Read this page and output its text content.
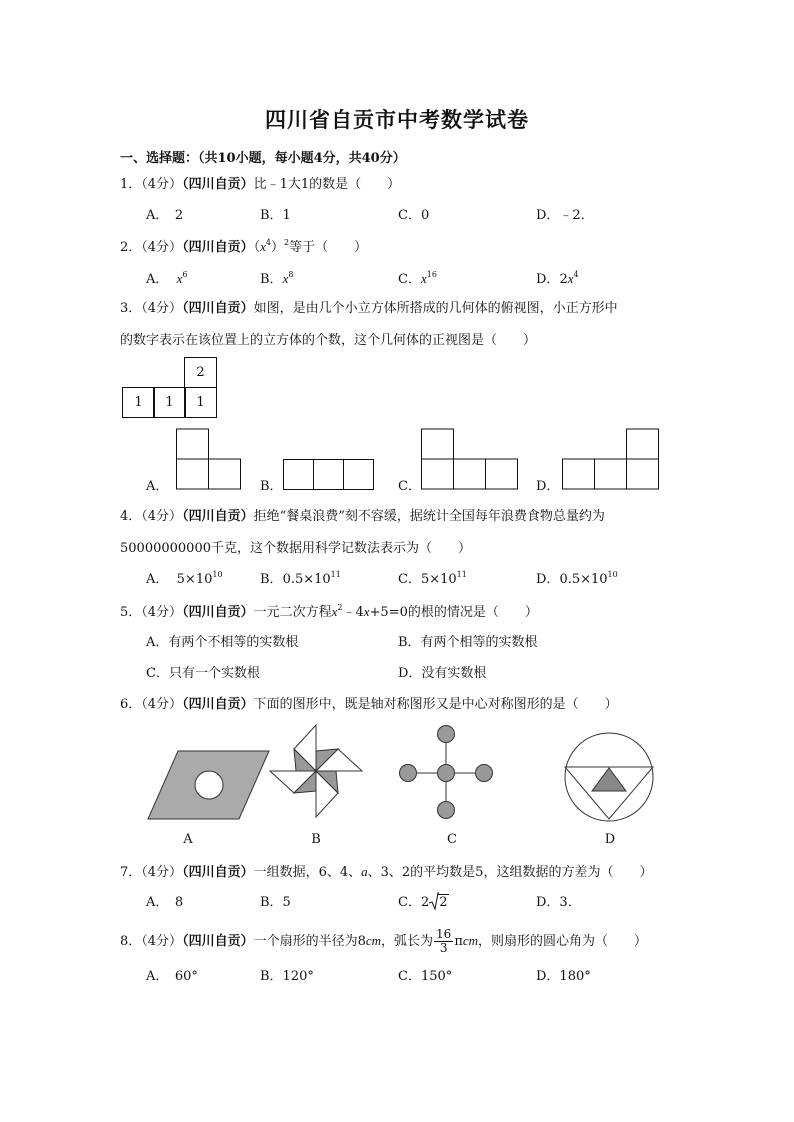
四川省自贡市中考数学试卷
一、选择题：（共10小题，每小题4分，共40分）
1．（4分）（四川自贡）比﹣1大1的数是（　　）
A．　2	B．1	C．0	D．﹣2．
2．（4分）（四川自贡）$(x^4)^2$等于（　　）
A． $x^6$	B．$x^8$	C．$x^{16}$	D．$2x^4$
3．（4分）（四川自贡）如图，是由几个小立方体所搭成的几何体的俯视图，小正方形中
的数字表示在该位置上的立方体的个数，这个几何体的正视图是（　　）
2
1	1	1
A．	B．	C．	D．
4．（4分）（四川自贡）拒绝“餐桌浪费”刻不容缓，据统计全国每年浪费食物总量约为
50000000000千克，这个数据用科学记数法表示为（　　）
A． $5\times 10^{10}$	B．$0.5\times 10^{11}$	C．$5\times 10^{11}$	D．$0.5\times 10^{10}$
5．（4分）（四川自贡）一元二次方程$x^2﹣4x+5=0$的根的情况是（　　）
A．有两个不相等的实数根	B．有两个相等的实数根
C．只有一个实数根	D．没有实数根
6．（4分）（四川自贡）下面的图形中，既是轴对称图形又是中心对称图形的是（　　）
A	B	C	D
7．（4分）（四川自贡）一组数据，6、4、a、3、2的平均数是5，这组数据的方差为（　　）
A．　8	B．5	C．2 2	D．3．
8．（4分）（四川自贡）一个扇形的半径为8cm，弧长为 $\frac{16}{3}$ πcm，则扇形的圆心角为（　　）
A．　60°	B．120°	C．150°	D．180°
